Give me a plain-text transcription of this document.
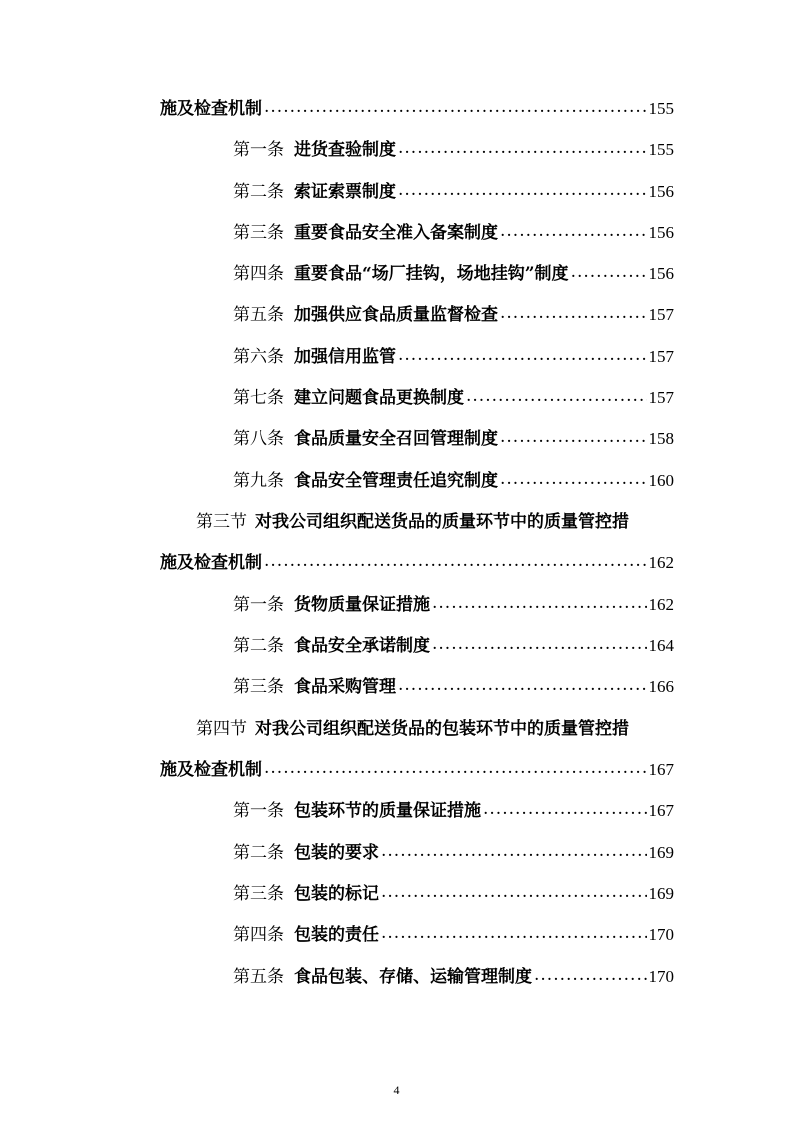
施及检查机制 .....	155
第一条 进货查验制度 .....	155
第二条 索证索票制度 .....	156
第三条 重要食品安全准入备案制度 .....	156
第四条 重要食品“场厂挂钩，场地挂钩”制度 .....	156
第五条 加强供应食品质量监督检查 .....	157
第六条 加强信用监管 .....	157
第七条 建立问题食品更换制度 .....	157
第八条 食品质量安全召回管理制度 .....	158
第九条 食品安全管理责任追究制度 .....	160
第三节 对我公司组织配送货品的质量环节中的质量管控措
施及检查机制 .....	162
第一条 货物质量保证措施 .....	162
第二条 食品安全承诺制度 .....	164
第三条 食品采购管理 .....	166
第四节 对我公司组织配送货品的包装环节中的质量管控措
施及检查机制 .....	167
第一条 包装环节的质量保证措施 .....	167
第二条 包装的要求 .....	169
第三条 包装的标记 .....	169
第四条 包装的责任 .....	170
第五条 食品包装、存储、运输管理制度 .....	170
4
